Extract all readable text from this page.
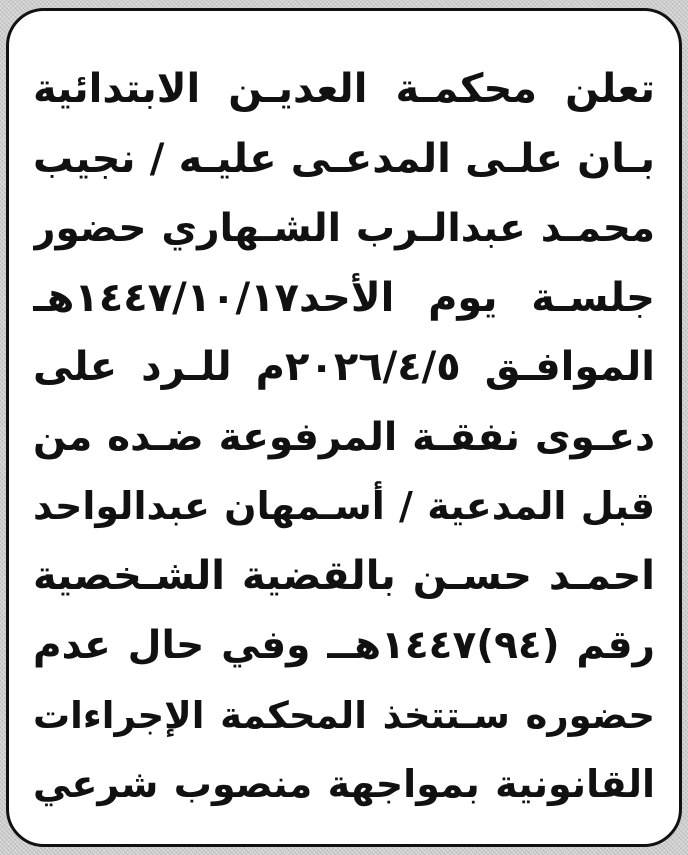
تعلن محكمـة العديـن الابتدائية
بـان علـى المدعـى عليـه / نجيب
محمـد عبدالـرب الشـهاري حضور
جلسـة يوم الأحد١٤٤٧/١٠/١٧هـ
الموافـق ٢٠٢٦/٤/٥م للـرد على
دعـوى نفقـة المرفوعة ضـده من
قبل المدعية / أسـمهان عبدالواحد
احمـد حسـن بالقضية الشـخصية
رقم (٩٤)١٤٤٧هــ وفي حال عدم
حضوره سـتتخذ المحكمة الإجراءات
القانونية بمواجهة منصوب شرعي
